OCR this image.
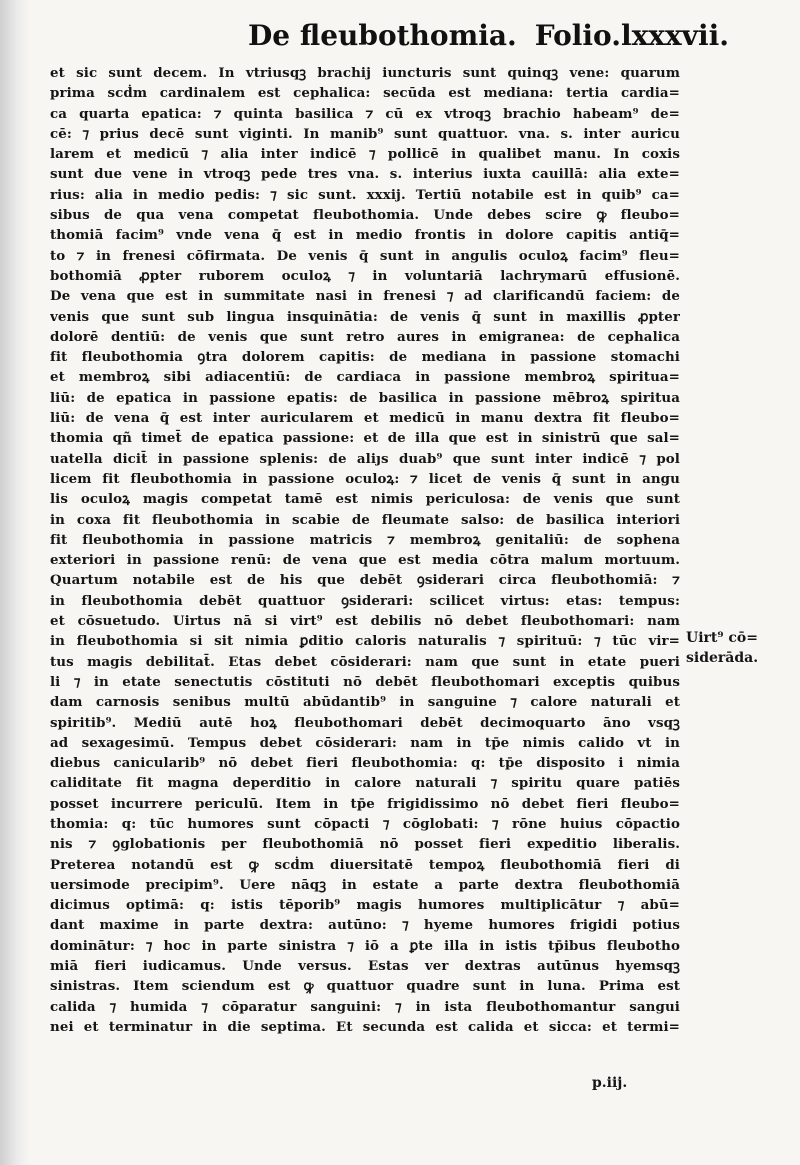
De fleubothomia. Folio.lxxxvii.
et sic sunt decem. In vtriusqꝫ brachij iuncturis sunt quinqꝫ vene: quarum
prima scḋm cardinalem est cephalica: secūda est mediana: tertia cardia=
ca quarta epatica: ⁊ quinta basilica ⁊ cū ex vtroqꝫ brachio habeam⁹ de=
cē: ⁊ prius decē sunt viginti. In manib⁹ sunt quattuor. vna. s. inter auricu
larem et medicū ⁊ alia inter indicē ⁊ pollicē in qualibet manu. In coxis
sunt due vene in vtroqꝫ pede tres vna. s. interius iuxta cauillā: alia exte=
rius: alia in medio pedis: ⁊ sic sunt. xxxij. Tertiū notabile est in quib⁹ ca=
sibus de qua vena competat fleubothomia. Unde debes scire ꝙ fleubo=
thomiā facim⁹ vnde vena q̄ est in medio frontis in dolore capitis antiq̄=
to ⁊ in frenesi cōfirmata. De venis q̄ sunt in angulis oculoꝝ facim⁹ fleu=
bothomiā ꝓpter ruborem oculoꝝ ⁊ in voluntariā lachrymarū effusionē.
De vena que est in summitate nasi in frenesi ⁊ ad clarificandū faciem: de
venis que sunt sub lingua insquinātia: de venis q̄ sunt in maxillis ꝓpter
dolorē dentiū: de venis que sunt retro aures in emigranea: de cephalica
fit fleubothomia ꝯtra dolorem capitis: de mediana in passione stomachi
et membroꝝ sibi adiacentiū: de cardiaca in passione membroꝝ spiritua=
liū: de epatica in passione epatis: de basilica in passione mēbroꝝ spiritua
liū: de vena q̄ est inter auricularem et medicū in manu dextra fit fleubo=
thomia qñ timet̄ de epatica passione: et de illa que est in sinistrū que sal=
uatella dicit̄ in passione splenis: de aliȷs duab⁹ que sunt inter indicē ⁊ pol
licem fit fleubothomia in passione oculoꝝ: ⁊ licet de venis q̄ sunt in angu
lis oculoꝝ magis competat tamē est nimis periculosa: de venis que sunt
in coxa fit fleubothomia in scabie de fleumate salso: de basilica interiori
fit fleubothomia in passione matricis ⁊ membroꝝ genitaliū: de sophena
exteriori in passione renū: de vena que est media cōtra malum mortuum.
Quartum notabile est de his que debēt ꝯsiderari circa fleubothomiā: ⁊
in fleubothomia debēt quattuor ꝯsiderari: scilicet virtus: etas: tempus:
et cōsuetudo. Uirtus nā si virt⁹ est debilis nō debet fleubothomari: nam
in fleubothomia si sit nimia ꝑditio caloris naturalis ⁊ spirituū: ⁊ tūc vir=
tus magis debilitat̄. Etas debet cōsiderari: nam que sunt in etate pueri
li ⁊ in etate senectutis cōstituti nō debēt fleubothomari exceptis quibus
dam carnosis senibus multū abūdantib⁹ in sanguine ⁊ calore naturali et
spiritib⁹. Mediū autē hoꝝ fleubothomari debēt decimoquarto āno vsqꝫ
ad sexagesimū. Tempus debet cōsiderari: nam in tp̄e nimis calido vt in
diebus canicularib⁹ nō debet fieri fleubothomia: q: tp̄e disposito i nimia
caliditate fit magna deperditio in calore naturali ⁊ spiritu quare patiēs
posset incurrere periculū. Item in tp̄e frigidissimo nō debet fieri fleubo=
thomia: q: tūc humores sunt cōpacti ⁊ cōglobati: ⁊ rōne huius cōpactio
nis ⁊ ꝯglobationis per fleubothomiā nō posset fieri expeditio liberalis.
Preterea notandū est ꝙ scḋm diuersitatē tempoꝝ fleubothomiā fieri di
uersimode precipim⁹. Uere nāqꝫ in estate a parte dextra fleubothomiā
dicimus optimā: q: istis tēporib⁹ magis humores multiplicātur ⁊ abū=
dant maxime in parte dextra: autūno: ⁊ hyeme humores frigidi potius
dominātur: ⁊ hoc in parte sinistra ⁊ iō a ꝑte illa in istis tp̄ibus fleubotho
miā fieri iudicamus. Unde versus. Estas ver dextras autūnus hyemsqꝫ
sinistras. Item sciendum est ꝙ quattuor quadre sunt in luna. Prima est
calida ⁊ humida ⁊ cōparatur sanguini: ⁊ in ista fleubothomantur sangui
nei et terminatur in die septima. Et secunda est calida et sicca: et termi=
Uirt⁹ cō=
siderāda.
p.iij.
